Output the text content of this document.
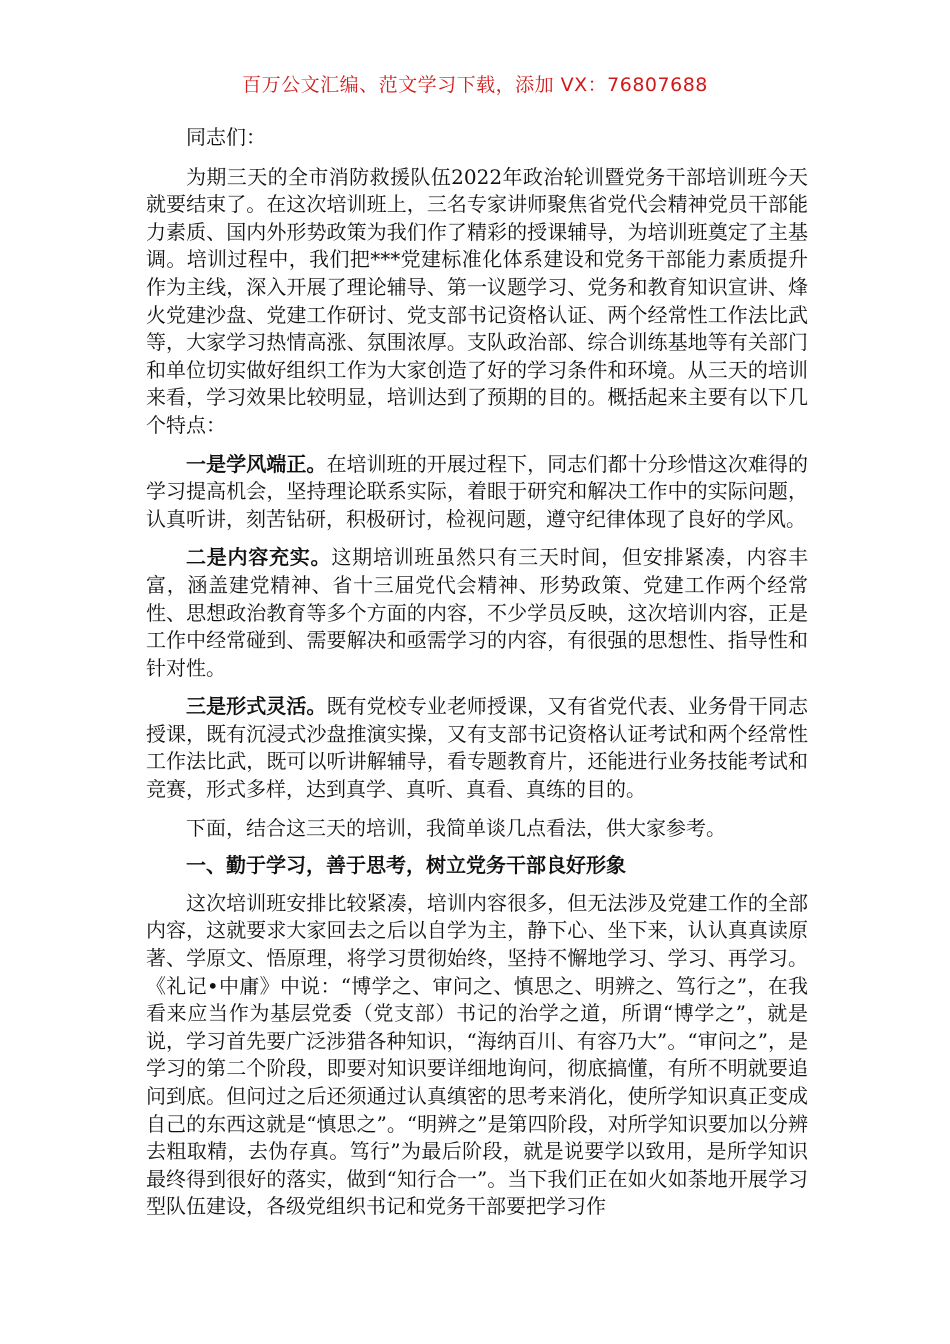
百万公文汇编、范文学习下载，添加 VX：76807688

同志们：

为期三天的全市消防救援队伍2022年政治轮训暨党务干部培训班今天就要结束了。在这次培训班上，三名专家讲师聚焦省党代会精神党员干部能力素质、国内外形势政策为我们作了精彩的授课辅导，为培训班奠定了主基调。培训过程中，我们把***党建标准化体系建设和党务干部能力素质提升作为主线，深入开展了理论辅导、第一议题学习、党务和教育知识宣讲、烽火党建沙盘、党建工作研讨、党支部书记资格认证、两个经常性工作法比武等，大家学习热情高涨、氛围浓厚。支队政治部、综合训练基地等有关部门和单位切实做好组织工作为大家创造了好的学习条件和环境。从三天的培训来看，学习效果比较明显，培训达到了预期的目的。概括起来主要有以下几个特点：

一是学风端正。在培训班的开展过程下，同志们都十分珍惜这次难得的学习提高机会，坚持理论联系实际，着眼于研究和解决工作中的实际问题，认真听讲，刻苦钻研，积极研讨，检视问题，遵守纪律体现了良好的学风。

二是内容充实。这期培训班虽然只有三天时间，但安排紧凑，内容丰富，涵盖建党精神、省十三届党代会精神、形势政策、党建工作两个经常性、思想政治教育等多个方面的内容，不少学员反映，这次培训内容，正是工作中经常碰到、需要解决和亟需学习的内容，有很强的思想性、指导性和针对性。

三是形式灵活。既有党校专业老师授课，又有省党代表、业务骨干同志授课，既有沉浸式沙盘推演实操，又有支部书记资格认证考试和两个经常性工作法比武，既可以听讲解辅导，看专题教育片，还能进行业务技能考试和竞赛，形式多样，达到真学、真听、真看、真练的目的。

下面，结合这三天的培训，我简单谈几点看法，供大家参考。

一、勤于学习，善于思考，树立党务干部良好形象

这次培训班安排比较紧凑，培训内容很多，但无法涉及党建工作的全部内容，这就要求大家回去之后以自学为主，静下心、坐下来，认认真真读原著、学原文、悟原理，将学习贯彻始终，坚持不懈地学习、学习、再学习。《礼记•中庸》中说：“博学之、审问之、慎思之、明辨之、笃行之”，在我看来应当作为基层党委（党支部）书记的治学之道，所谓“博学之”，就是说，学习首先要广泛涉猎各种知识，“海纳百川、有容乃大”。“审问之”，是学习的第二个阶段，即要对知识要详细地询问，彻底搞懂，有所不明就要追问到底。但问过之后还须通过认真缜密的思考来消化，使所学知识真正变成自己的东西这就是“慎思之”。“明辨之”是第四阶段，对所学知识要加以分辨去粗取精，去伪存真。笃行”为最后阶段，就是说要学以致用，是所学知识最终得到很好的落实，做到“知行合一”。当下我们正在如火如荼地开展学习型队伍建设，各级党组织书记和党务干部要把学习作
